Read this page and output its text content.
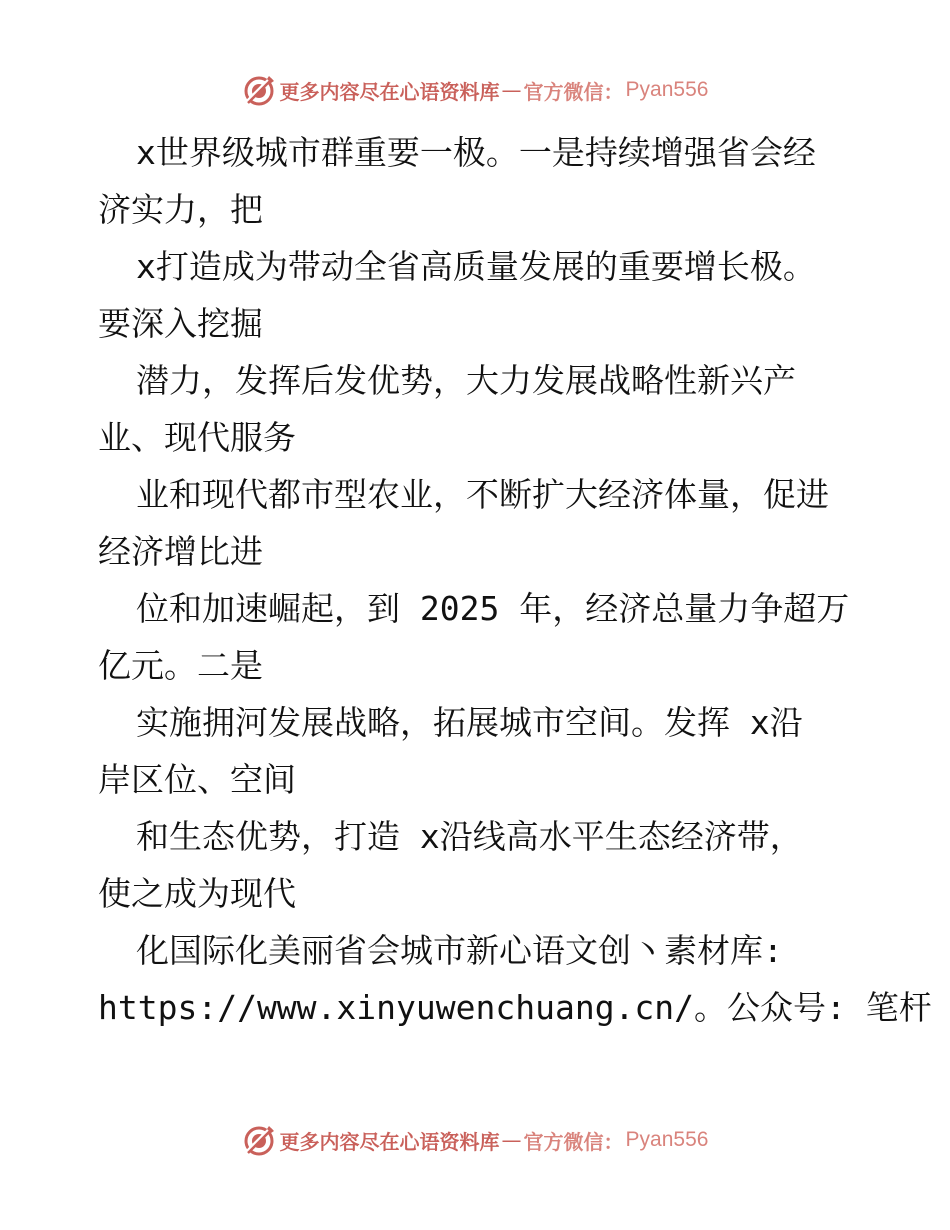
更多内容尽在心语资料库 — 官方微信： Pyan556
x世界级城市群重要一极。一是持续增强省会经
济实力，把
x打造成为带动全省高质量发展的重要增长极。
要深入挖掘
潜力，发挥后发优势，大力发展战略性新兴产
业、现代服务
业和现代都市型农业，不断扩大经济体量，促进
经济增比进
位和加速崛起，到 2025 年，经济总量力争超万
亿元。二是
实施拥河发展战略，拓展城市空间。发挥 x沿
岸区位、空间
和生态优势，打造 x沿线高水平生态经济带，
使之成为现代
化国际化美丽省会城市新心语文创丶素材库:
https://www.xinyuwenchuang.cn/。公众号: 笔杆
更多内容尽在心语资料库 — 官方微信： Pyan556
